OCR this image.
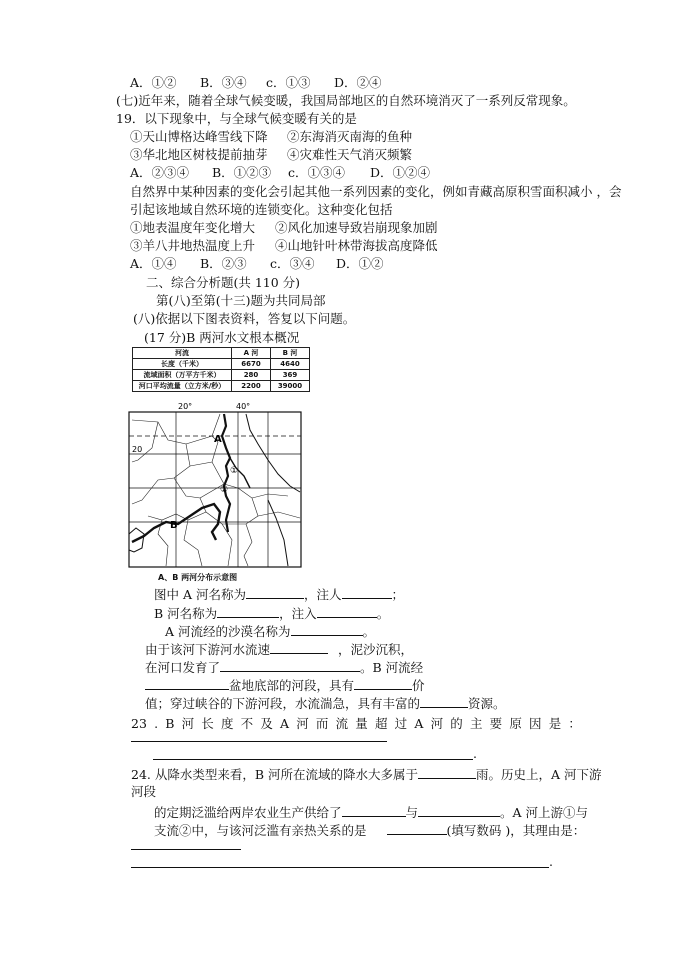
A．①② B．③④ c．①③ D．②④
(七)近年来，随着全球气候变暖，我国局部地区的自然环境消灭了一系列反常现象。
19．以下现象中，与全球气候变暖有关的是
①天山博格达峰雪线下降 ②东海消灭南海的鱼种
③华北地区树枝提前抽芽 ④灾难性天气消灭频繁
A．②③④ B．①②③ c．①③④ D．①②④
自然界中某种因素的变化会引起其他一系列因素的变化，例如青藏高原积雪面积减小 ，会
引起该地域自然环境的连锁变化。这种变化包括
①地表温度年变化增大 ②风化加速导致岩崩现象加剧
③羊八井地热温度上升 ④山地针叶林带海拔高度降低
A．①④ B．②③ c．③④ D．①②
二、综合分析题(共 110 分)
第(八)至第(十三)题为共同局部
(八)依据以下图表资料，答复以下问题。
(17 分)B 两河水文根本概况
河流	A 河	B 河
长度（千米）	6670	4640
流域面积（万平方千米）	280	369
河口平均流量（立方米/秒）	2200	39000
20°	40°
20
A
B
①
②
A、B 两河分布示意图
图中 A 河名称为	，注人	；
B 河名称为	，注入	。
A 河流经的沙漠名称为	。
由于该河下游河水流速	，泥沙沉积，
在河口发育了	。B 河流经
盆地底部的河段，具有	价
值；穿过峡谷的下游河段，水流湍急，具有丰富的	资源。
23 . B 河 长 度 不 及 A 河 而 流 量 超 过 A 河 的 主 要 原 因 是 ：
.
24. 从降水类型来看，B 河所在流域的降水大多属于	雨。历史上，A 河下游
河段
的定期泛滥给两岸农业生产供给了	与	。A 河上游①与
支流②中，与该河泛滥有亲热关系的是	(填写数码 )，其理由是：
.
